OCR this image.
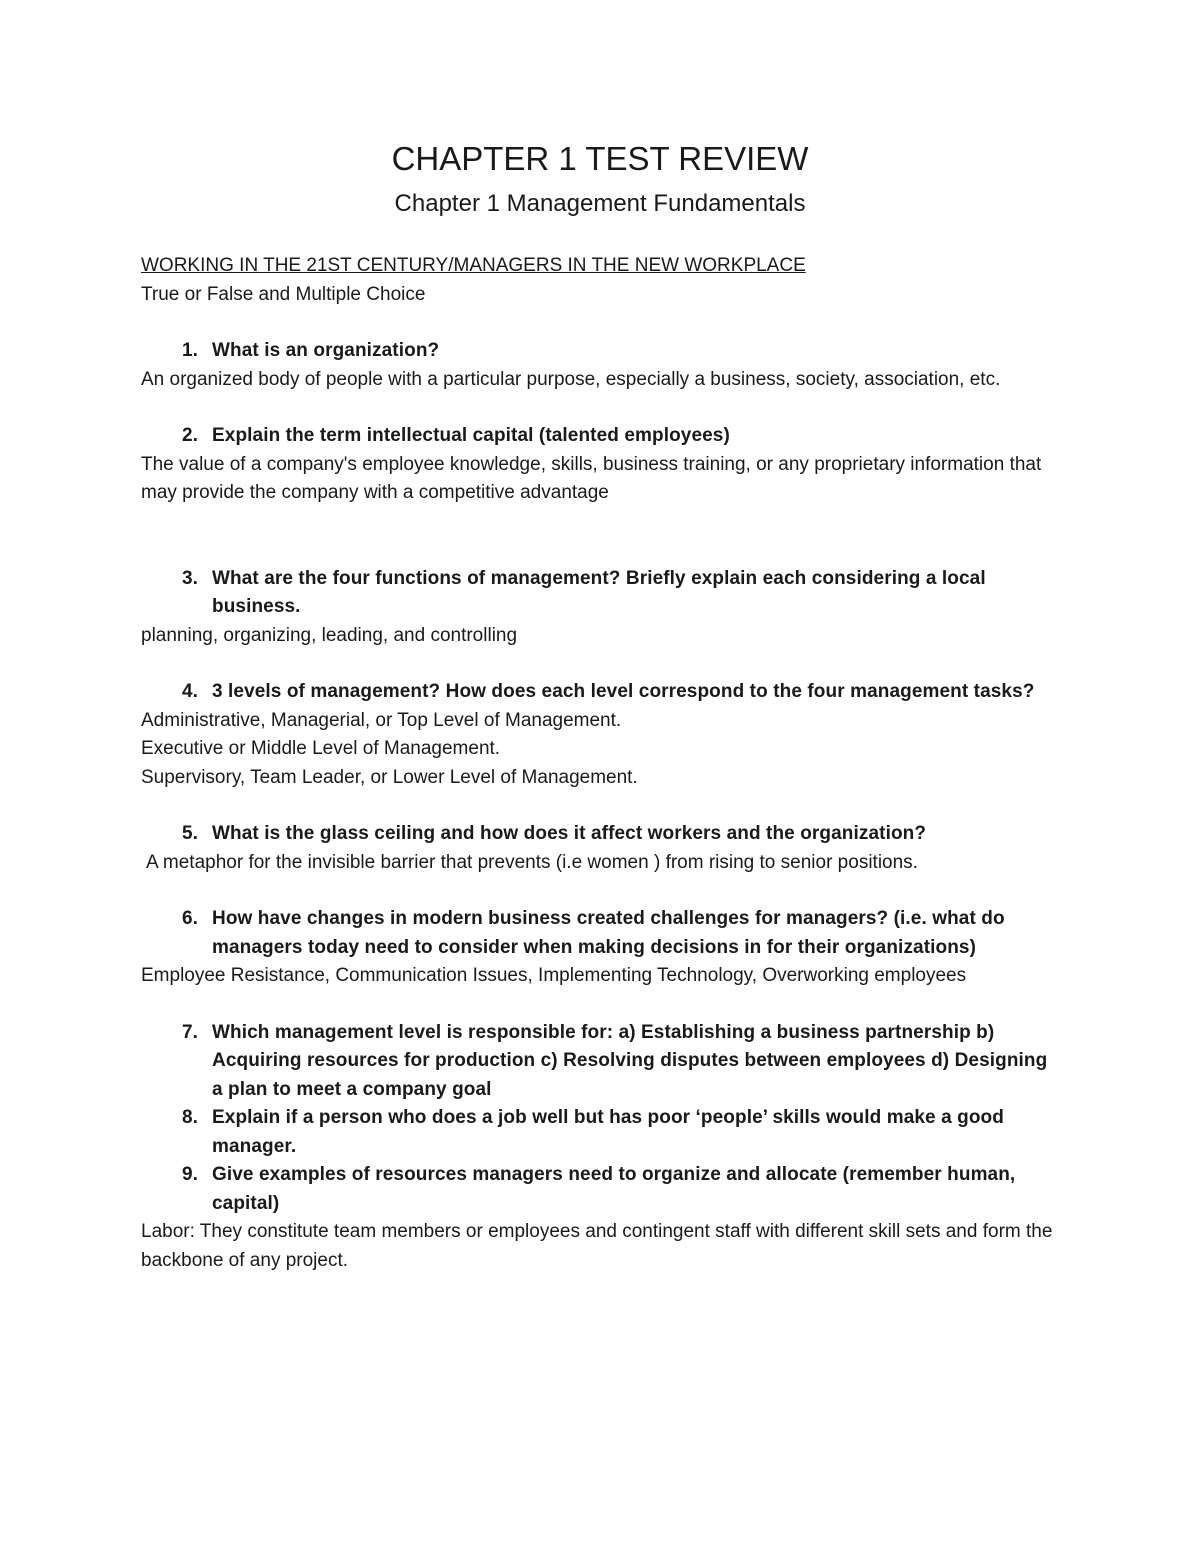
CHAPTER 1 TEST REVIEW
Chapter 1 Management Fundamentals

WORKING IN THE 21ST CENTURY/MANAGERS IN THE NEW WORKPLACE

True or False and Multiple Choice

1. What is an organization?

An organized body of people with a particular purpose, especially a business, society, association, etc.

2. Explain the term intellectual capital (talented employees)

The value of a company's employee knowledge, skills, business training, or any proprietary information that may provide the company with a competitive advantage

3. What are the four functions of management? Briefly explain each considering a local business.

planning, organizing, leading, and controlling

4. 3 levels of management? How does each level correspond to the four management tasks?

Administrative, Managerial, or Top Level of Management.

Executive or Middle Level of Management.

Supervisory, Team Leader, or Lower Level of Management.

5. What is the glass ceiling and how does it affect workers and the organization?

A metaphor for the invisible barrier that prevents (i.e women ) from rising to senior positions.

6. How have changes in modern business created challenges for managers? (i.e. what do managers today need to consider when making decisions in for their organizations)

Employee Resistance, Communication Issues, Implementing Technology, Overworking employees

7. Which management level is responsible for: a) Establishing a business partnership b) Acquiring resources for production c) Resolving disputes between employees d) Designing a plan to meet a company goal
8. Explain if a person who does a job well but has poor ‘people’ skills would make a good manager.
9. Give examples of resources managers need to organize and allocate (remember human, capital)

Labor: They constitute team members or employees and contingent staff with different skill sets and form the backbone of any project.
